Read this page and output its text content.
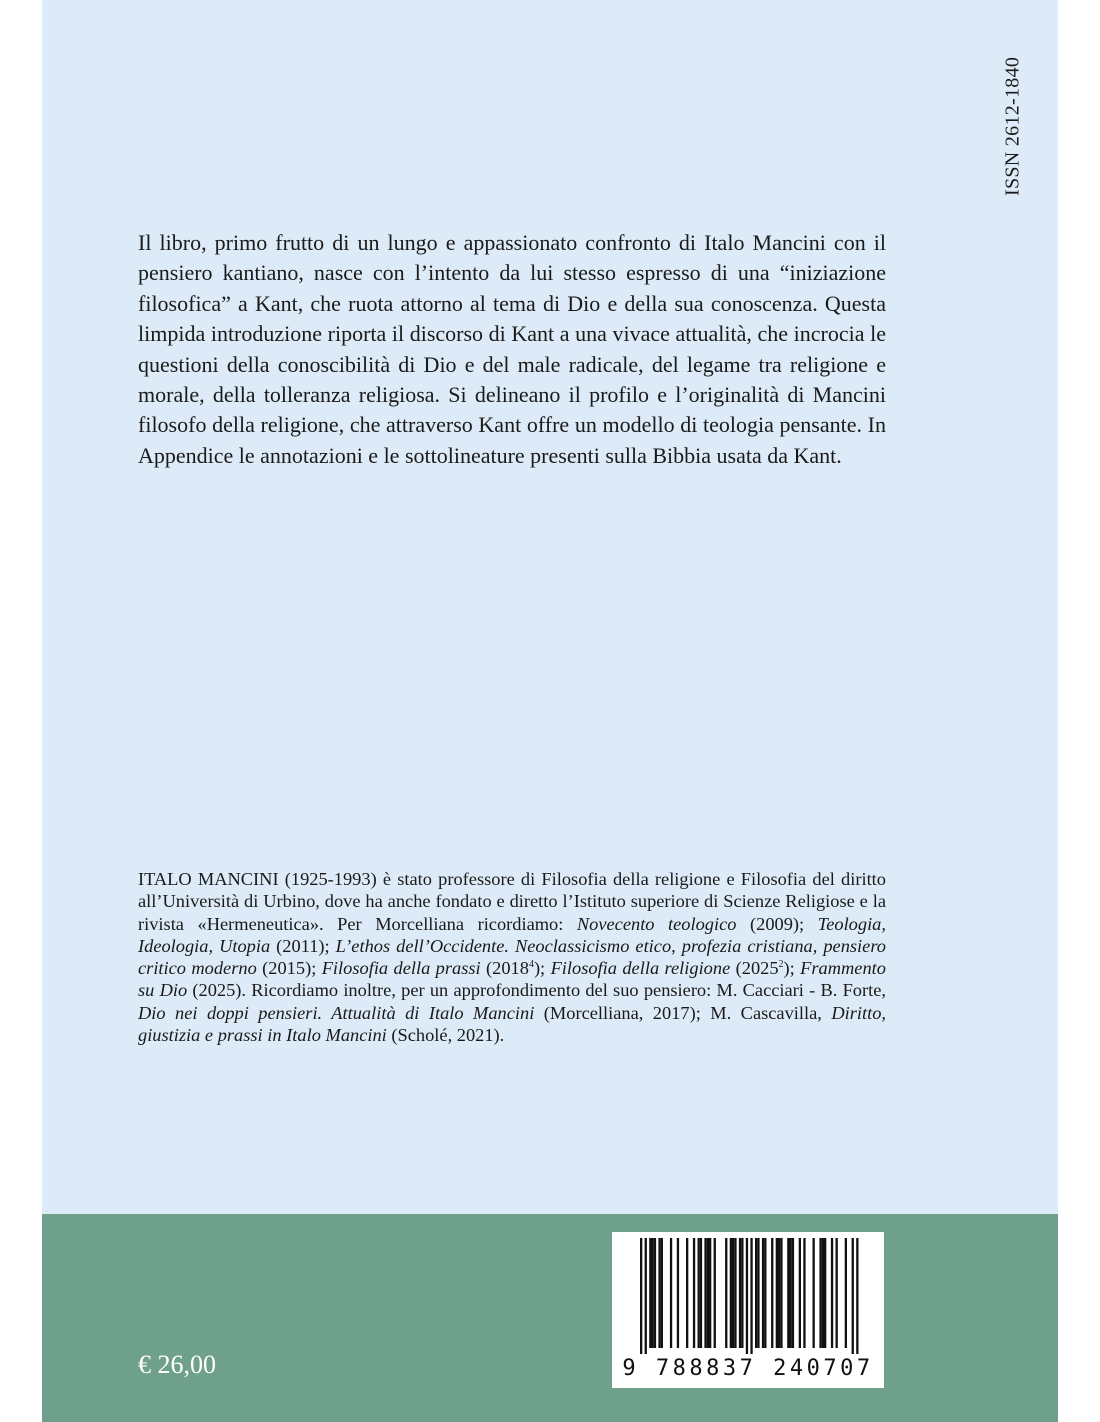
ISSN 2612-1840

Il libro, primo frutto di un lungo e appassionato confronto di Italo Mancini con il pensiero kantiano, nasce con l’intento da lui stesso espresso di una “iniziazione filosofica” a Kant, che ruota attorno al tema di Dio e della sua conoscenza. Questa limpida introduzione riporta il discorso di Kant a una vivace attualità, che incrocia le questioni della conoscibilità di Dio e del male radicale, del legame tra religione e morale, della tolleranza religiosa. Si delineano il profilo e l’originalità di Mancini filosofo della religione, che attraverso Kant offre un modello di teologia pensante. In Appendice le annotazioni e le sottolineature presenti sulla Bibbia usata da Kant.

ITALO MANCINI (1925-1993) è stato professore di Filosofia della religione e Filosofia del diritto all’Università di Urbino, dove ha anche fondato e diretto l’Istituto superiore di Scienze Religiose e la rivista «Hermeneutica». Per Morcelliana ricordiamo: Novecento teologico (2009); Teologia, Ideologia, Utopia (2011); L’ethos dell’Occidente. Neoclassicismo etico, profezia cristiana, pensiero critico moderno (2015); Filosofia della prassi (2018$^4$); Filosofia della religione (2025$^2$); Frammento su Dio (2025). Ricordiamo inoltre, per un approfondimento del suo pensiero: M. Cacciari - B. Forte, Dio nei doppi pensieri. Attualità di Italo Mancini (Morcelliana, 2017); M. Cascavilla, Diritto, giustizia e prassi in Italo Mancini (Scholé, 2021).

€ 26,00	9 788837 240707
